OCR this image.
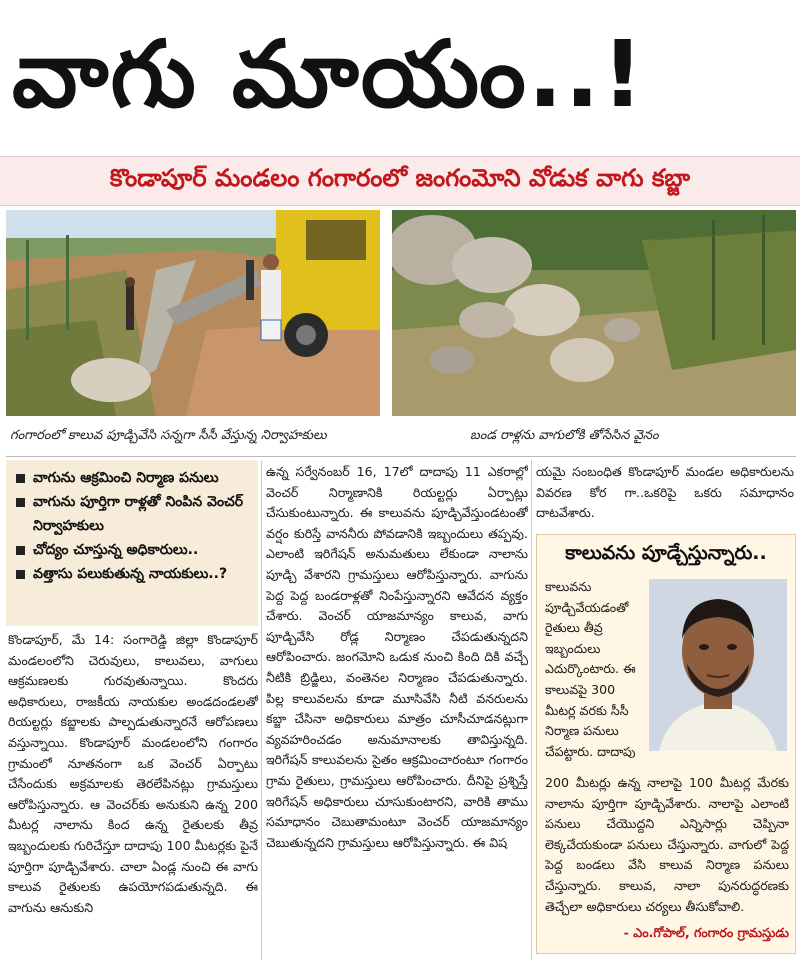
వాగు మాయం..!
కొండాపూర్ మండలం గంగారంలో జంగంమోని వోడుక వాగు కబ్జా
గంగారంలో కాలువ పూడ్చివేసి సన్నగా సీసీ వేస్తున్న నిర్వాహకులు	బండ రాళ్లను వాగులోకి తోసేసిన వైనం
వాగును ఆక్రమించి నిర్మాణ పనులు
వాగును పూర్తిగా రాళ్లతో నింపిన వెంచర్ నిర్వాహకులు
చోద్యం చూస్తున్న అధికారులు..
వత్తాసు పలుకుతున్న నాయకులు..?

కొండాపూర్, మే 14: సంగారెడ్డి జిల్లా కొండాపూర్ మండలంలోని చెరువులు, కాలువలు, వాగులు ఆక్రమణలకు గురవుతున్నాయి. కొందరు అధికారులు, రాజకీయ నాయకుల అండదండలతో రియల్టర్లు కబ్జాలకు పాల్పడుతున్నారనే ఆరోపణలు వస్తున్నాయి. కొండాపూర్ మండలంలోని గంగారం గ్రామంలో నూతనంగా ఒక వెంచర్ ఏర్పాటు చేసేందుకు అక్రమాలకు తెరలేపినట్లు గ్రామస్తులు ఆరోపిస్తున్నారు. ఆ వెంచర్‌కు అనుకుని ఉన్న 200 మీటర్ల నాలాను కింద ఉన్న రైతులకు తీవ్ర ఇబ్బందులకు గురిచేస్తూ దాదాపు 100 మీటర్లకు పైనే పూర్తిగా పూడ్చివేశారు. చాలా ఏండ్ల నుంచి ఈ వాగు కాలువ రైతులకు ఉపయోగపడుతున్నది. ఈ వాగును ఆనుకుని

ఉన్న సర్వేనంబర్ 16, 17లో దాదాపు 11 ఎకరాల్లో వెంచర్ నిర్మాణానికి రియల్టర్లు ఏర్పాట్లు చేసుకుంటున్నారు. ఈ కాలువను పూడ్చివేస్తుండటంతో వర్షం కురిస్తే వాననీరు పోవడానికి ఇబ్బందులు తప్పవు. ఎలాంటి ఇరిగేషన్ అనుమతులు లేకుండా నాలాను పూడ్చి వేశారని గ్రామస్తులు ఆరోపిస్తున్నారు. వాగును పెద్ద పెద్ద బండరాళ్లతో నింపేస్తున్నారని ఆవేదన వ్యక్తం చేశారు. వెంచర్ యాజమాన్యం కాలువ, వాగు పూడ్చివేసి రోడ్ల నిర్మాణం చేపడుతున్నదని ఆరోపించారు. జంగమోని ఒడుక నుంచి కింది దికి వచ్చే నీటికి బ్రిడ్జిలు, వంతెనల నిర్మాణం చేపడుతున్నారు. పిల్ల కాలువలను కూడా మూసివేసి నీటి వనరులను కబ్జా చేసినా అధికారులు మాత్రం చూసీచూడనట్లుగా వ్యవహరించడం అనుమానాలకు తావిస్తున్నది. ఇరిగేషన్ కాలువలను సైతం ఆక్రమించారంటూ గంగారం గ్రామ రైతులు, గ్రామస్తులు ఆరోపించారు. దీనిపై ప్రశ్నిస్తే ఇరిగేషన్ అధికారులు చూసుకుంటారని, వారికి తాము సమాధానం చెబుతామంటూ వెంచర్ యాజమాన్యం చెబుతున్నదని గ్రామస్తులు ఆరోపిస్తున్నారు. ఈ విష

యమై సంబంధిత కొండాపూర్ మండల అధికారులను వివరణ కోర గా..ఒకరిపై ఒకరు సమాధానం దాటవేశారు.

కాలువను పూడ్చేస్తున్నారు..
కాలువను పూడ్చివేయడంతో రైతులు తీవ్ర ఇబ్బందులు ఎదుర్కొంటారు. ఈ కాలువపై 300 మీటర్ల వరకు సీసీ నిర్మాణ పనులు చేపట్టారు. దాదాపు
200 మీటర్లు ఉన్న నాలాపై 100 మీటర్ల మేరకు నాలాను పూర్తిగా పూడ్చివేశారు. నాలాపై ఎలాంటి పనులు చేయొద్దని ఎన్నిసార్లు చెప్పినా లెక్కచేయకుండా పనులు చేస్తున్నారు. వాగులో పెద్ద పెద్ద బండలు వేసి కాలువ నిర్మాణ పనులు చేస్తున్నారు. కాలువ, నాలా పునరుద్ధరణకు తెచ్చేలా అధికారులు చర్యలు తీసుకోవాలి.
- ఎం.గోపాల్, గంగారం గ్రామస్తుడు
